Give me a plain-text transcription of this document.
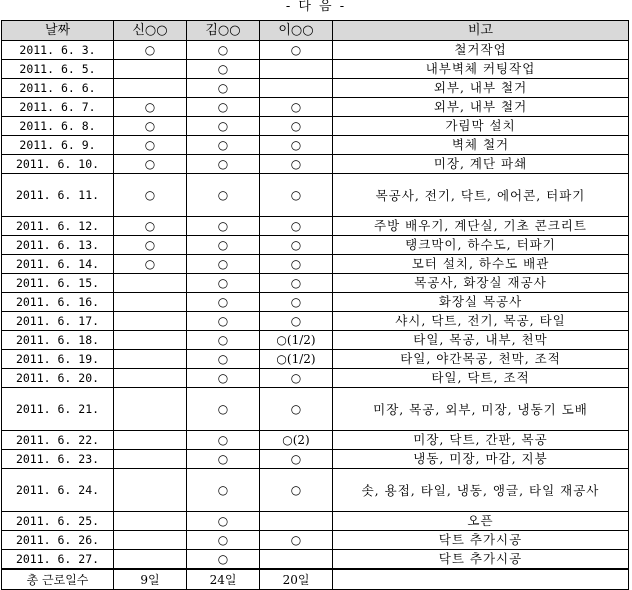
- 다 음 -
날짜	신○○	김○○	이○○	비고
2011. 6. 3.	○	○	○	철거작업
2011. 6. 5.		○		내부벽체 커팅작업
2011. 6. 6.		○		외부, 내부 철거
2011. 6. 7.	○	○	○	외부, 내부 철거
2011. 6. 8.	○	○	○	가림막 설치
2011. 6. 9.	○	○	○	벽체 철거
2011. 6. 10.	○	○	○	미장, 계단 파쇄
2011. 6. 11.	○	○	○	목공사, 전기, 닥트, 에어콘, 터파기
2011. 6. 12.	○	○	○	주방 배우기, 계단실, 기초 콘크리트
2011. 6. 13.	○	○	○	탱크막이, 하수도, 터파기
2011. 6. 14.	○	○	○	모터 설치, 하수도 배관
2011. 6. 15.		○	○	목공사, 화장실 재공사
2011. 6. 16.		○	○	화장실 목공사
2011. 6. 17.		○	○	샤시, 닥트, 전기, 목공, 타일
2011. 6. 18.		○	○(1/2)	타일, 목공, 내부, 천막
2011. 6. 19.		○	○(1/2)	타일, 야간목공, 천막, 조적
2011. 6. 20.		○	○	타일, 닥트, 조적
2011. 6. 21.		○	○	미장, 목공, 외부, 미장, 냉동기 도배
2011. 6. 22.		○	○(2)	미장, 닥트, 간판, 목공
2011. 6. 23.		○	○	냉동, 미장, 마감, 지붕
2011. 6. 24.		○	○	솟, 용접, 타일, 냉동, 앵글, 타일 재공사
2011. 6. 25.		○		오픈
2011. 6. 26.		○	○	닥트 추가시공
2011. 6. 27.		○		닥트 추가시공
총 근로일수	9일	24일	20일	
